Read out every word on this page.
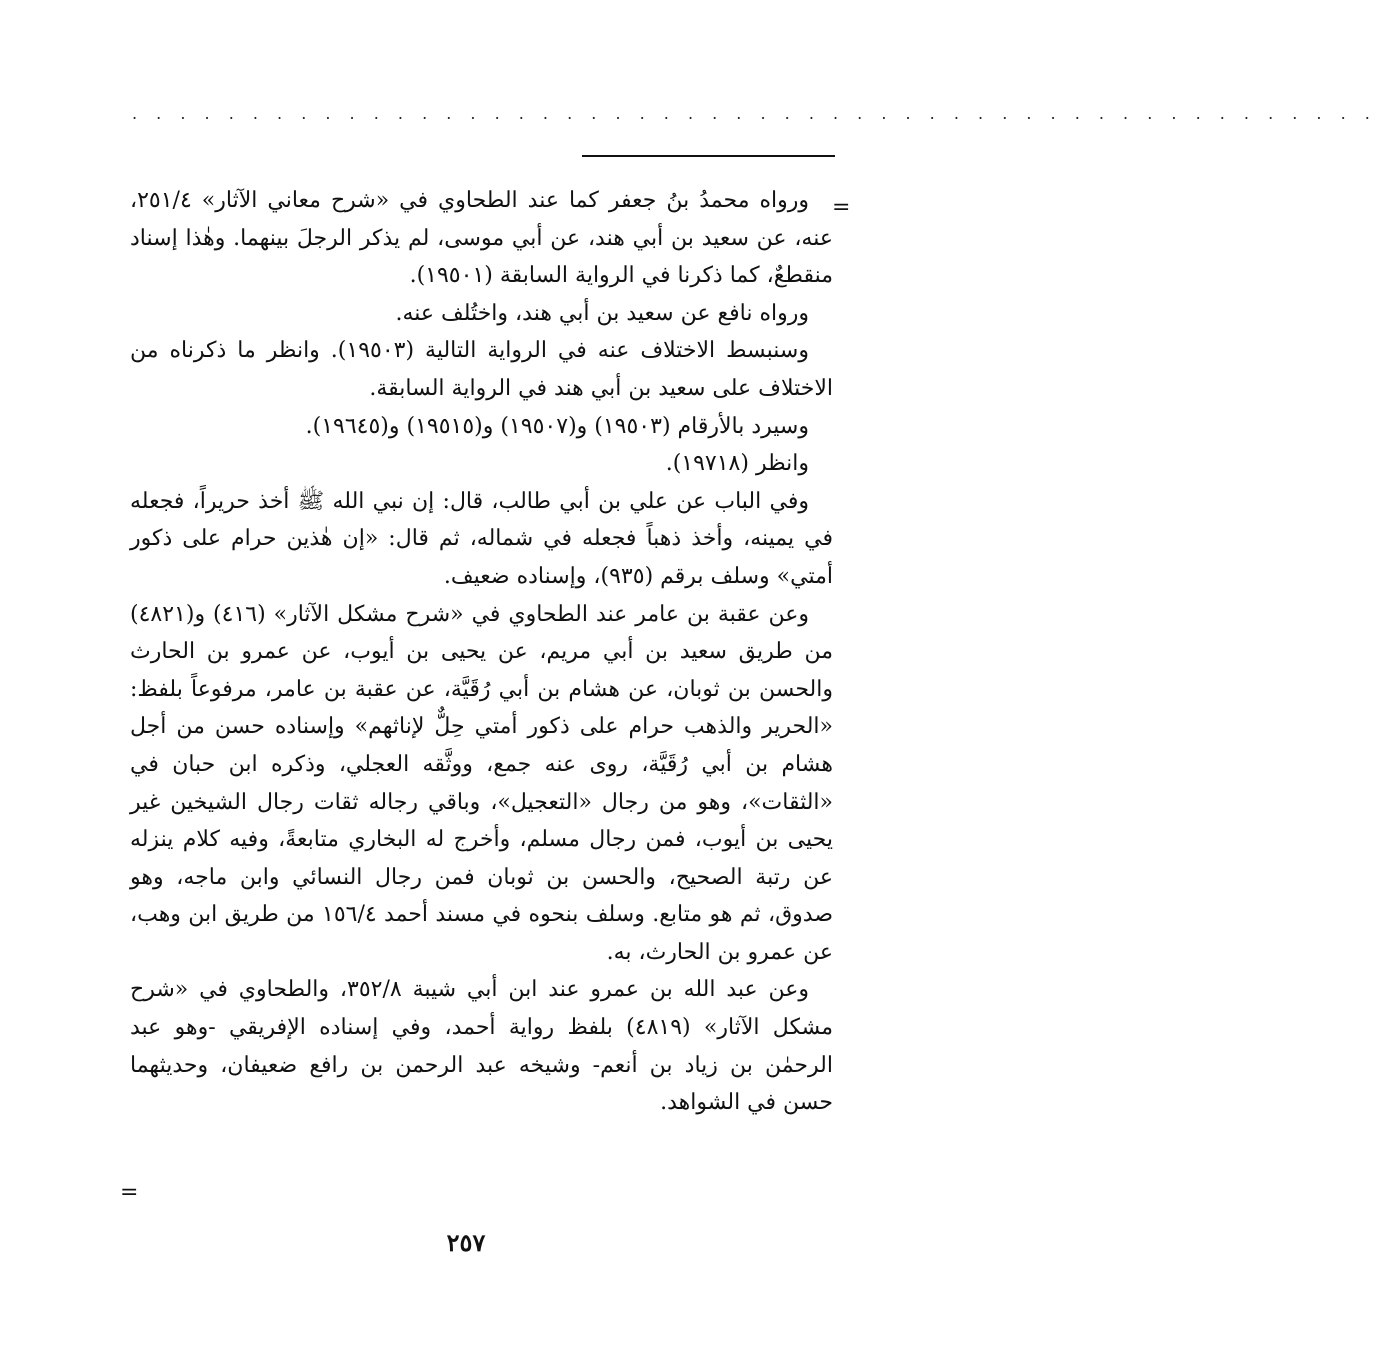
. . . . . . . . . . . . . . . . . . . . . . . . . . . . . . . . . . . . . . . . . . . . . . . . . . . .
=

ورواه محمدُ بنُ جعفر كما عند الطحاوي في «شرح معاني الآثار» ٢٥١/٤، عنه، عن سعيد بن أبي هند، عن أبي موسى، لم يذكر الرجلَ بينهما. وهٰذا إسناد منقطعٌ، كما ذكرنا في الرواية السابقة (١٩٥٠١).

ورواه نافع عن سعيد بن أبي هند، واختُلف عنه.

وسنبسط الاختلاف عنه في الرواية التالية (١٩٥٠٣). وانظر ما ذكرناه من الاختلاف على سعيد بن أبي هند في الرواية السابقة.

وسيرد بالأرقام (١٩٥٠٣) و(١٩٥٠٧) و(١٩٥١٥) و(١٩٦٤٥).

وانظر (١٩٧١٨).

وفي الباب عن علي بن أبي طالب، قال: إن نبي الله ﷺ أخذ حريراً، فجعله في يمينه، وأخذ ذهباً فجعله في شماله، ثم قال: «إن هٰذين حرام على ذكور أمتي» وسلف برقم (٩٣٥)، وإسناده ضعيف.

وعن عقبة بن عامر عند الطحاوي في «شرح مشكل الآثار» (٤١٦) و(٤٨٢١) من طريق سعيد بن أبي مريم، عن يحيى بن أيوب، عن عمرو بن الحارث والحسن بن ثوبان، عن هشام بن أبي رُقَيَّة، عن عقبة بن عامر، مرفوعاً بلفظ: «الحرير والذهب حرام على ذكور أمتي حِلٌّ لإناثهم» وإسناده حسن من أجل هشام بن أبي رُقَيَّة، روى عنه جمع، ووثَّقه العجلي، وذكره ابن حبان في «الثقات»، وهو من رجال «التعجيل»، وباقي رجاله ثقات رجال الشيخين غير يحيى بن أيوب، فمن رجال مسلم، وأخرج له البخاري متابعةً، وفيه كلام ينزله عن رتبة الصحيح، والحسن بن ثوبان فمن رجال النسائي وابن ماجه، وهو صدوق، ثم هو متابع. وسلف بنحوه في مسند أحمد ١٥٦/٤ من طريق ابن وهب، عن عمرو بن الحارث، به.

وعن عبد الله بن عمرو عند ابن أبي شيبة ٣٥٢/٨، والطحاوي في «شرح مشكل الآثار» (٤٨١٩) بلفظ رواية أحمد، وفي إسناده الإفريقي -وهو عبد الرحمٰن بن زياد بن أنعم- وشيخه عبد الرحمن بن رافع ضعيفان، وحديثهما حسن في الشواهد.

=
٢٥٧
